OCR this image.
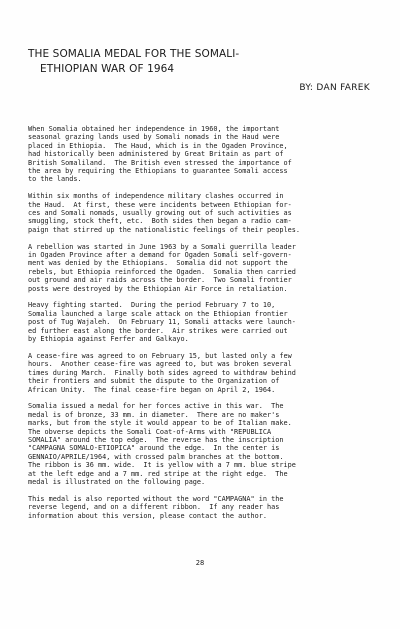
THE SOMALIA MEDAL FOR THE SOMALI-
ETHIOPIAN WAR OF 1964
BY: DAN FAREK

When Somalia obtained her independence in 1960, the important
seasonal grazing lands used by Somali nomads in the Haud were
placed in Ethiopia.  The Haud, which is in the Ogaden Province,
had historically been administered by Great Britain as part of
British Somaliland.  The British even stressed the importance of
the area by requiring the Ethiopians to guarantee Somali access
to the lands.

Within six months of independence military clashes occurred in
the Haud.  At first, these were incidents between Ethiopian for-
ces and Somali nomads, usually growing out of such activities as
smuggling, stock theft, etc.  Both sides then began a radio cam-
paign that stirred up the nationalistic feelings of their peoples.

A rebellion was started in June 1963 by a Somali guerrilla leader
in Ogaden Province after a demand for Ogaden Somali self-govern-
ment was denied by the Ethiopians.  Somalia did not support the
rebels, but Ethiopia reinforced the Ogaden.  Somalia then carried
out ground and air raids across the border.  Two Somali frontier
posts were destroyed by the Ethiopian Air Force in retaliation.

Heavy fighting started.  During the period February 7 to 10,
Somalia launched a large scale attack on the Ethiopian frontier
post of Tug Wajaleh.  On February 11, Somali attacks were launch-
ed further east along the border.  Air strikes were carried out
by Ethiopia against Ferfer and Galkayo.

A cease-fire was agreed to on February 15, but lasted only a few
hours.  Another cease-fire was agreed to, but was broken several
times during March.  Finally both sides agreed to withdraw behind
their frontiers and submit the dispute to the Organization of
African Unity.  The final cease-fire began on April 2, 1964.

Somalia issued a medal for her forces active in this war.  The
medal is of bronze, 33 mm. in diameter.  There are no maker's
marks, but from the style it would appear to be of Italian make.
The obverse depicts the Somali Coat-of-Arms with "REPUBLICA
SOMALIA" around the top edge.  The reverse has the inscription
"CAMPAGNA SOMALO-ETIOPICA" around the edge.  In the center is
GENNAIO/APRILE/1964, with crossed palm branches at the bottom.
The ribbon is 36 mm. wide.  It is yellow with a 7 mm. blue stripe
at the left edge and a 7 mm. red stripe at the right edge.  The
medal is illustrated on the following page.

This medal is also reported without the word "CAMPAGNA" in the
reverse legend, and on a different ribbon.  If any reader has
information about this version, please contact the author.

28
